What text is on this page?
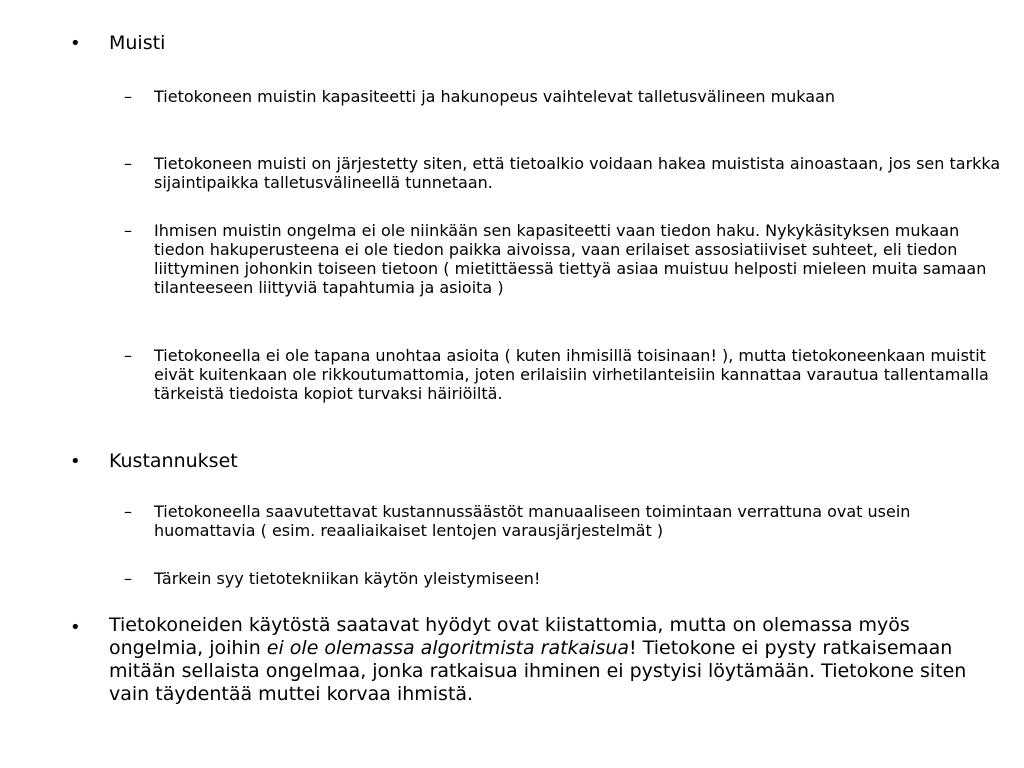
• Muisti
– Tietokoneen muistin kapasiteetti ja hakunopeus vaihtelevat talletusvälineen mukaan
– Tietokoneen muisti on järjestetty siten, että tietoalkio voidaan hakea muistista ainoastaan, jos sen tarkka sijaintipaikka talletusvälineellä tunnetaan.
– Ihmisen muistin ongelma ei ole niinkään sen kapasiteetti vaan tiedon haku. Nykykäsityksen mukaan tiedon hakuperusteena ei ole tiedon paikka aivoissa, vaan erilaiset assosiatiiviset suhteet, eli tiedon liittyminen johonkin toiseen tietoon ( mietittäessä tiettyä asiaa muistuu helposti mieleen muita samaan tilanteeseen liittyviä tapahtumia ja asioita )
– Tietokoneella ei ole tapana unohtaa asioita ( kuten ihmisillä toisinaan! ), mutta tietokoneenkaan muistit eivät kuitenkaan ole rikkoutumattomia, joten erilaisiin virhetilanteisiin kannattaa varautua tallentamalla tärkeistä tiedoista kopiot turvaksi häiriöiltä.
• Kustannukset
– Tietokoneella saavutettavat kustannussäästöt manuaaliseen toimintaan verrattuna ovat usein huomattavia ( esim. reaaliaikaiset lentojen varausjärjestelmät )
– Tärkein syy tietotekniikan käytön yleistymiseen!
• Tietokoneiden käytöstä saatavat hyödyt ovat kiistattomia, mutta on olemassa myös ongelmia, joihin ei ole olemassa algoritmista ratkaisua! Tietokone ei pysty ratkaisemaan mitään sellaista ongelmaa, jonka ratkaisua ihminen ei pystyisi löytämään. Tietokone siten vain täydentää muttei korvaa ihmistä.
